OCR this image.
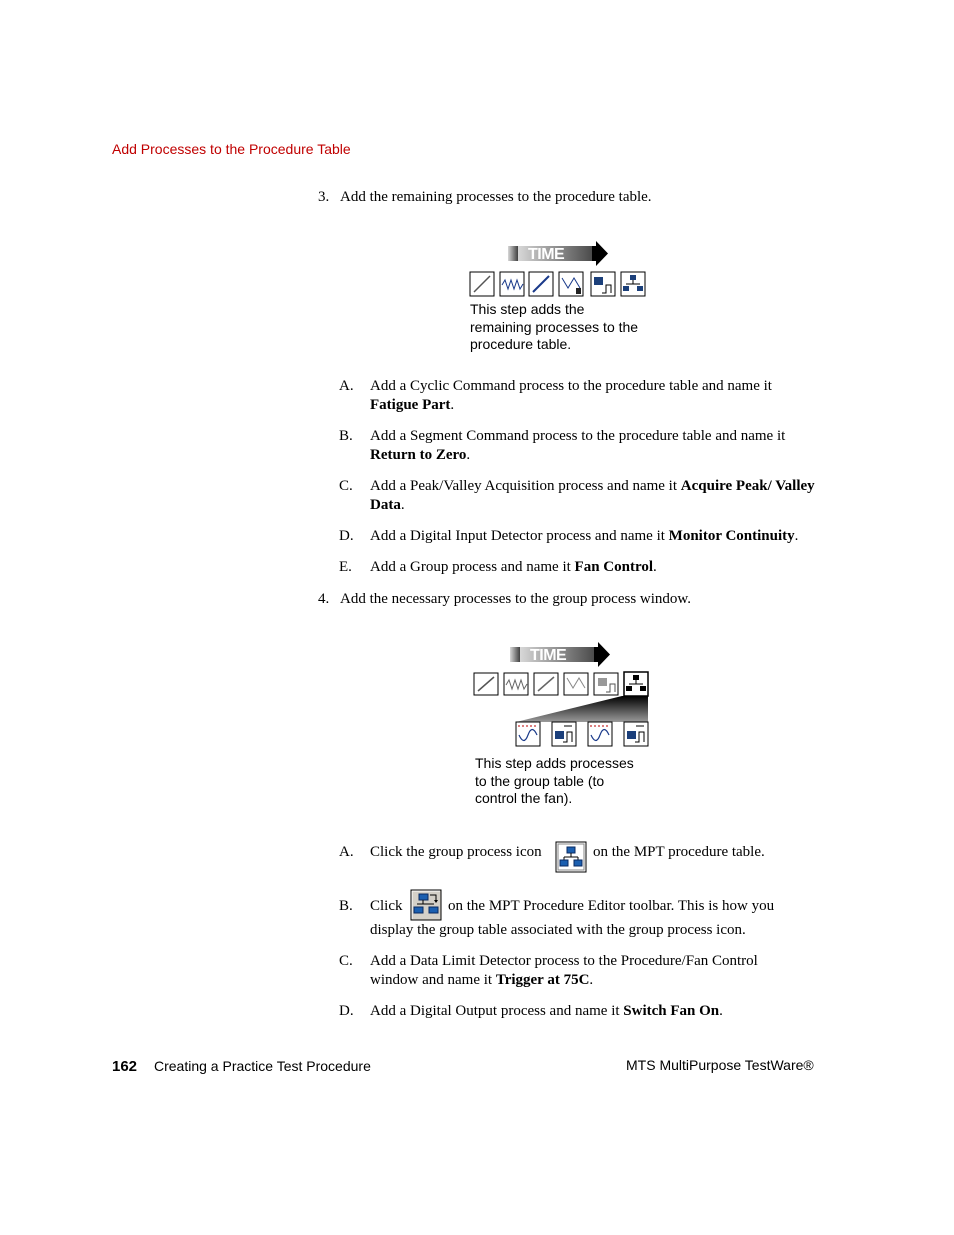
Add Processes to the Procedure Table
3. Add the remaining processes to the procedure table.
TIME
This step adds the
remaining processes to the
procedure table.
A. Add a Cyclic Command process to the procedure table and name it Fatigue Part.
B. Add a Segment Command process to the procedure table and name it Return to Zero.
C. Add a Peak/Valley Acquisition process and name it Acquire Peak/ Valley Data.
D. Add a Digital Input Detector process and name it Monitor Continuity.
E. Add a Group process and name it Fan Control.
4. Add the necessary processes to the group process window.
TIME
This step adds processes
to the group table (to
control the fan).
A. Click the group process icon	on the MPT procedure table.
B. Click	on the MPT Procedure Editor toolbar. This is how you
display the group table associated with the group process icon.
C. Add a Data Limit Detector process to the Procedure/Fan Control window and name it Trigger at 75C.
D. Add a Digital Output process and name it Switch Fan On.
162 Creating a Practice Test Procedure	MTS MultiPurpose TestWare®
